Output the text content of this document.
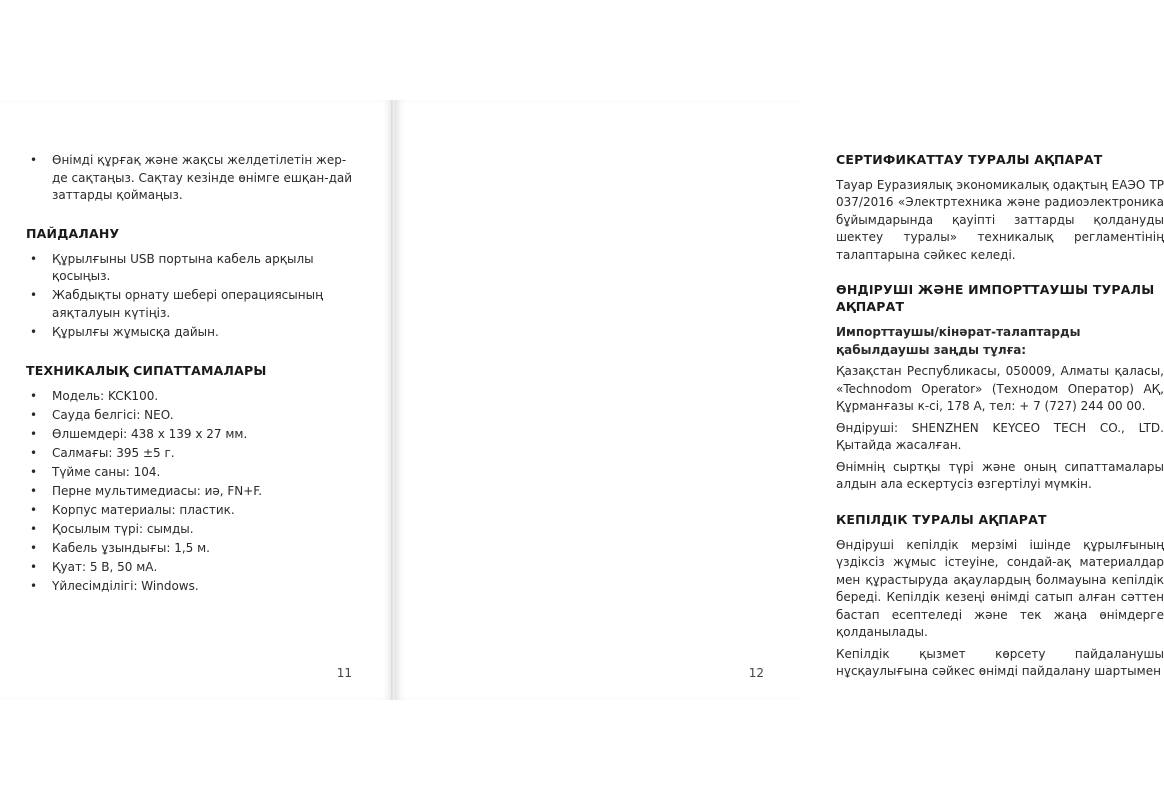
• Өнімді құрғақ және жақсы желдетілетін жер-де сақтаңыз. Сақтау кезінде өнімге ешқан-дай заттарды қоймаңыз.
ПАЙДАЛАНУ
• Құрылғыны USB портына кабель арқылы қосыңыз.
• Жабдықты орнату шебері операциясының аяқталуын күтіңіз.
• Құрылғы жұмысқа дайын.
ТЕХНИКАЛЫҚ СИПАТТАМАЛАРЫ
• Модель: KCK100.
• Сауда белгісі: NEO.
• Өлшемдері: 438 х 139 х 27 мм.
• Салмағы: 395 ±5 г.
• Түйме саны: 104.
• Перне мультимедиасы: иә, FN+F.
• Корпус материалы: пластик.
• Қосылым түрі: сымды.
• Кабель ұзындығы: 1,5 м.
• Қуат: 5 В, 50 мА.
• Үйлесімділігі: Windows.
11
СЕРТИФИКАТТАУ ТУРАЛЫ АҚПАРАТ

Тауар Еуразиялық экономикалық одақтың ЕАЭО ТР 037/2016 «Электртехника және радиоэлектроника бұйымдарында қауіпті заттарды қолдануды шектеу туралы» техникалық регламентінің талаптарына сәйкес келеді.

ӨНДІРУШІ ЖӘНЕ ИМПОРТТАУШЫ ТУРАЛЫ АҚПАРАТ

Импорттаушы/кінәрат-талаптарды қабылдаушы заңды тұлға:

Қазақстан Республикасы, 050009, Алматы қаласы, «Technodom Operator» (Технодом Оператор) АҚ, Құрманғазы к-сі, 178 А, тел: + 7 (727) 244 00 00.

Өндіруші: SHENZHEN KEYCEO TECH CO., LTD. Қытайда жасалған.

Өнімнің сыртқы түрі және оның сипаттамалары алдын ала ескертусіз өзгертілуі мүмкін.

КЕПІЛДІК ТУРАЛЫ АҚПАРАТ

Өндіруші кепілдік мерзімі ішінде құрылғының үздіксіз жұмыс істеуіне, сондай-ақ материалдар мен құрастыруда ақаулардың болмауына кепілдік береді. Кепілдік кезеңі өнімді сатып алған сәттен бастап есептеледі және тек жаңа өнімдерге қолданылады.

Кепілдік қызмет көрсету пайдаланушы нұсқаулығына сәйкес өнімді пайдалану шартымен

12
